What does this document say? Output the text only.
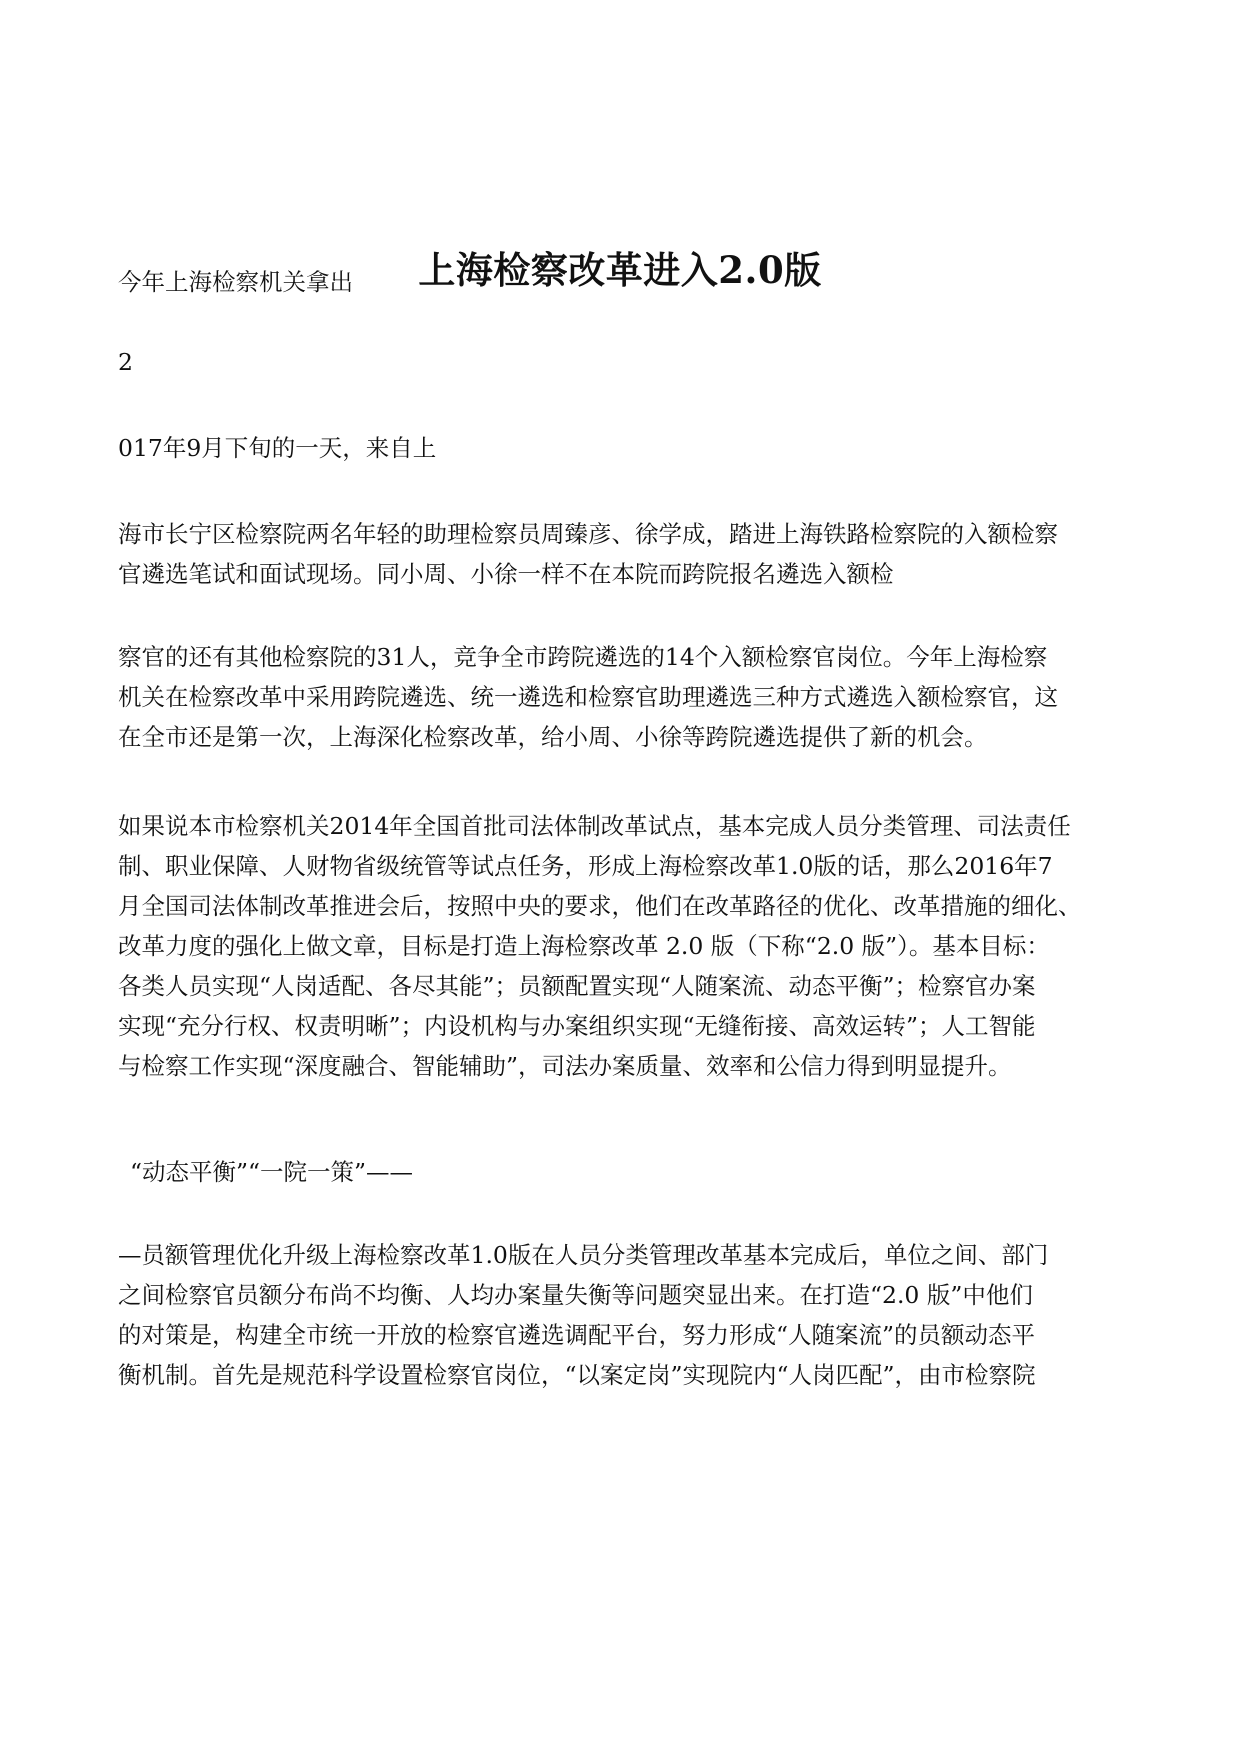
上海检察改革进入2.0版

今年上海检察机关拿出

2

017年9月下旬的一天，来自上

海市长宁区检察院两名年轻的助理检察员周臻彦、徐学成，踏进上海铁路检察院的入额检察
官遴选笔试和面试现场。同小周、小徐一样不在本院而跨院报名遴选入额检

察官的还有其他检察院的31人，竞争全市跨院遴选的14个入额检察官岗位。今年上海检察
机关在检察改革中采用跨院遴选、统一遴选和检察官助理遴选三种方式遴选入额检察官，这
在全市还是第一次，上海深化检察改革，给小周、小徐等跨院遴选提供了新的机会。

如果说本市检察机关2014年全国首批司法体制改革试点，基本完成人员分类管理、司法责任
制、职业保障、人财物省级统管等试点任务，形成上海检察改革1.0版的话，那么2016年7
月全国司法体制改革推进会后，按照中央的要求，他们在改革路径的优化、改革措施的细化、
改革力度的强化上做文章，目标是打造上海检察改革 2.0 版（下称“2.0 版”）。基本目标：
各类人员实现“人岗适配、各尽其能”；员额配置实现“人随案流、动态平衡”；检察官办案
实现“充分行权、权责明晰”；内设机构与办案组织实现“无缝衔接、高效运转”；人工智能
与检察工作实现“深度融合、智能辅助”，司法办案质量、效率和公信力得到明显提升。

“动态平衡”“一院一策”——

—员额管理优化升级上海检察改革1.0版在人员分类管理改革基本完成后，单位之间、部门
之间检察官员额分布尚不均衡、人均办案量失衡等问题突显出来。在打造“2.0 版”中他们
的对策是，构建全市统一开放的检察官遴选调配平台，努力形成“人随案流”的员额动态平
衡机制。首先是规范科学设置检察官岗位，“以案定岗”实现院内“人岗匹配”，由市检察院
